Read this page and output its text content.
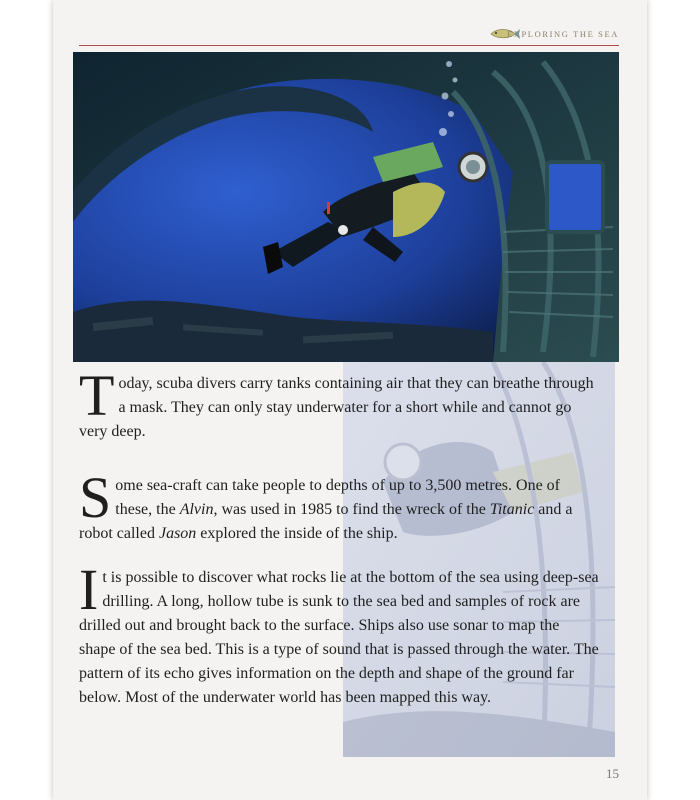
EXPLORING THE SEA
Today, scuba divers carry tanks containing air that they can breathe through a mask. They can only stay underwater for a short while and cannot go very deep.
Some sea-craft can take people to depths of up to 3,500 metres. One of these, the Alvin, was used in 1985 to find the wreck of the Titanic and a robot called Jason explored the inside of the ship.
It is possible to discover what rocks lie at the bottom of the sea using deep-sea drilling. A long, hollow tube is sunk to the sea bed and samples of rock are drilled out and brought back to the surface. Ships also use sonar to map the shape of the sea bed. This is a type of sound that is passed through the water. The pattern of its echo gives information on the depth and shape of the ground far below. Most of the underwater world has been mapped this way.
15
